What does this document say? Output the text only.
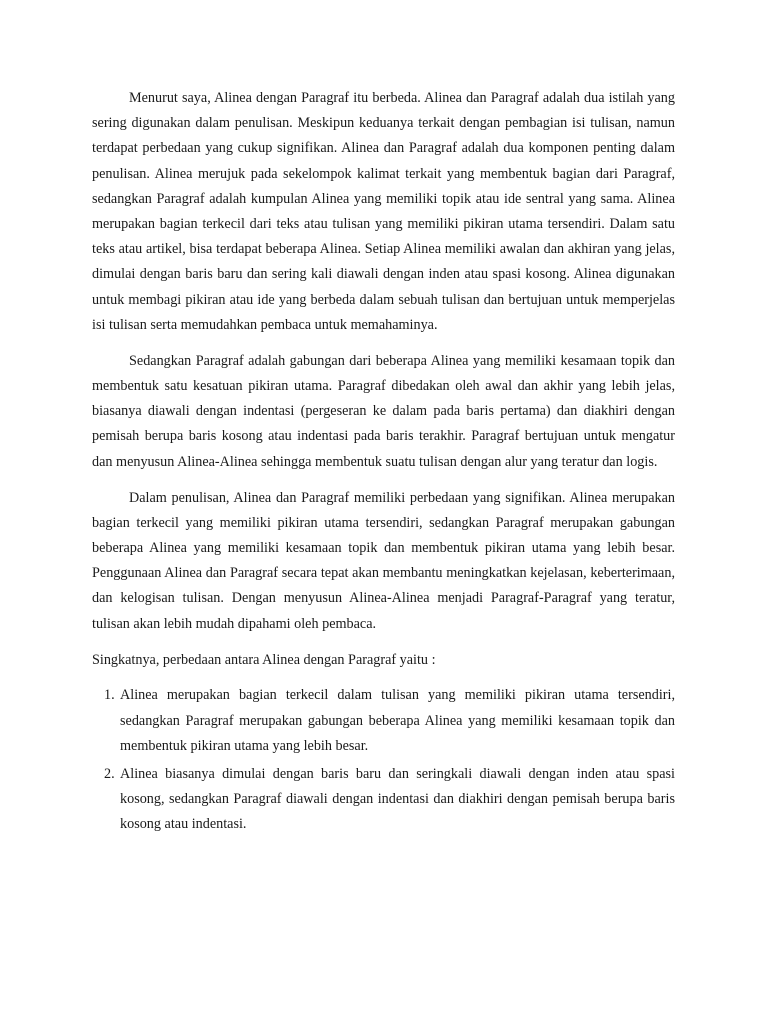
Menurut saya, Alinea dengan Paragraf itu berbeda. Alinea dan Paragraf adalah dua istilah yang sering digunakan dalam penulisan. Meskipun keduanya terkait dengan pembagian isi tulisan, namun terdapat perbedaan yang cukup signifikan. Alinea dan Paragraf adalah dua komponen penting dalam penulisan. Alinea merujuk pada sekelompok kalimat terkait yang membentuk bagian dari Paragraf, sedangkan Paragraf adalah kumpulan Alinea yang memiliki topik atau ide sentral yang sama. Alinea merupakan bagian terkecil dari teks atau tulisan yang memiliki pikiran utama tersendiri. Dalam satu teks atau artikel, bisa terdapat beberapa Alinea. Setiap Alinea memiliki awalan dan akhiran yang jelas, dimulai dengan baris baru dan sering kali diawali dengan inden atau spasi kosong. Alinea digunakan untuk membagi pikiran atau ide yang berbeda dalam sebuah tulisan dan bertujuan untuk memperjelas isi tulisan serta memudahkan pembaca untuk memahaminya.

Sedangkan Paragraf adalah gabungan dari beberapa Alinea yang memiliki kesamaan topik dan membentuk satu kesatuan pikiran utama. Paragraf dibedakan oleh awal dan akhir yang lebih jelas, biasanya diawali dengan indentasi (pergeseran ke dalam pada baris pertama) dan diakhiri dengan pemisah berupa baris kosong atau indentasi pada baris terakhir. Paragraf bertujuan untuk mengatur dan menyusun Alinea-Alinea sehingga membentuk suatu tulisan dengan alur yang teratur dan logis.

Dalam penulisan, Alinea dan Paragraf memiliki perbedaan yang signifikan. Alinea merupakan bagian terkecil yang memiliki pikiran utama tersendiri, sedangkan Paragraf merupakan gabungan beberapa Alinea yang memiliki kesamaan topik dan membentuk pikiran utama yang lebih besar. Penggunaan Alinea dan Paragraf secara tepat akan membantu meningkatkan kejelasan, keberterimaan, dan kelogisan tulisan. Dengan menyusun Alinea-Alinea menjadi Paragraf-Paragraf yang teratur, tulisan akan lebih mudah dipahami oleh pembaca.

Singkatnya, perbedaan antara Alinea dengan Paragraf yaitu :

1. Alinea merupakan bagian terkecil dalam tulisan yang memiliki pikiran utama tersendiri, sedangkan Paragraf merupakan gabungan beberapa Alinea yang memiliki kesamaan topik dan membentuk pikiran utama yang lebih besar.
2. Alinea biasanya dimulai dengan baris baru dan seringkali diawali dengan inden atau spasi kosong, sedangkan Paragraf diawali dengan indentasi dan diakhiri dengan pemisah berupa baris kosong atau indentasi.
